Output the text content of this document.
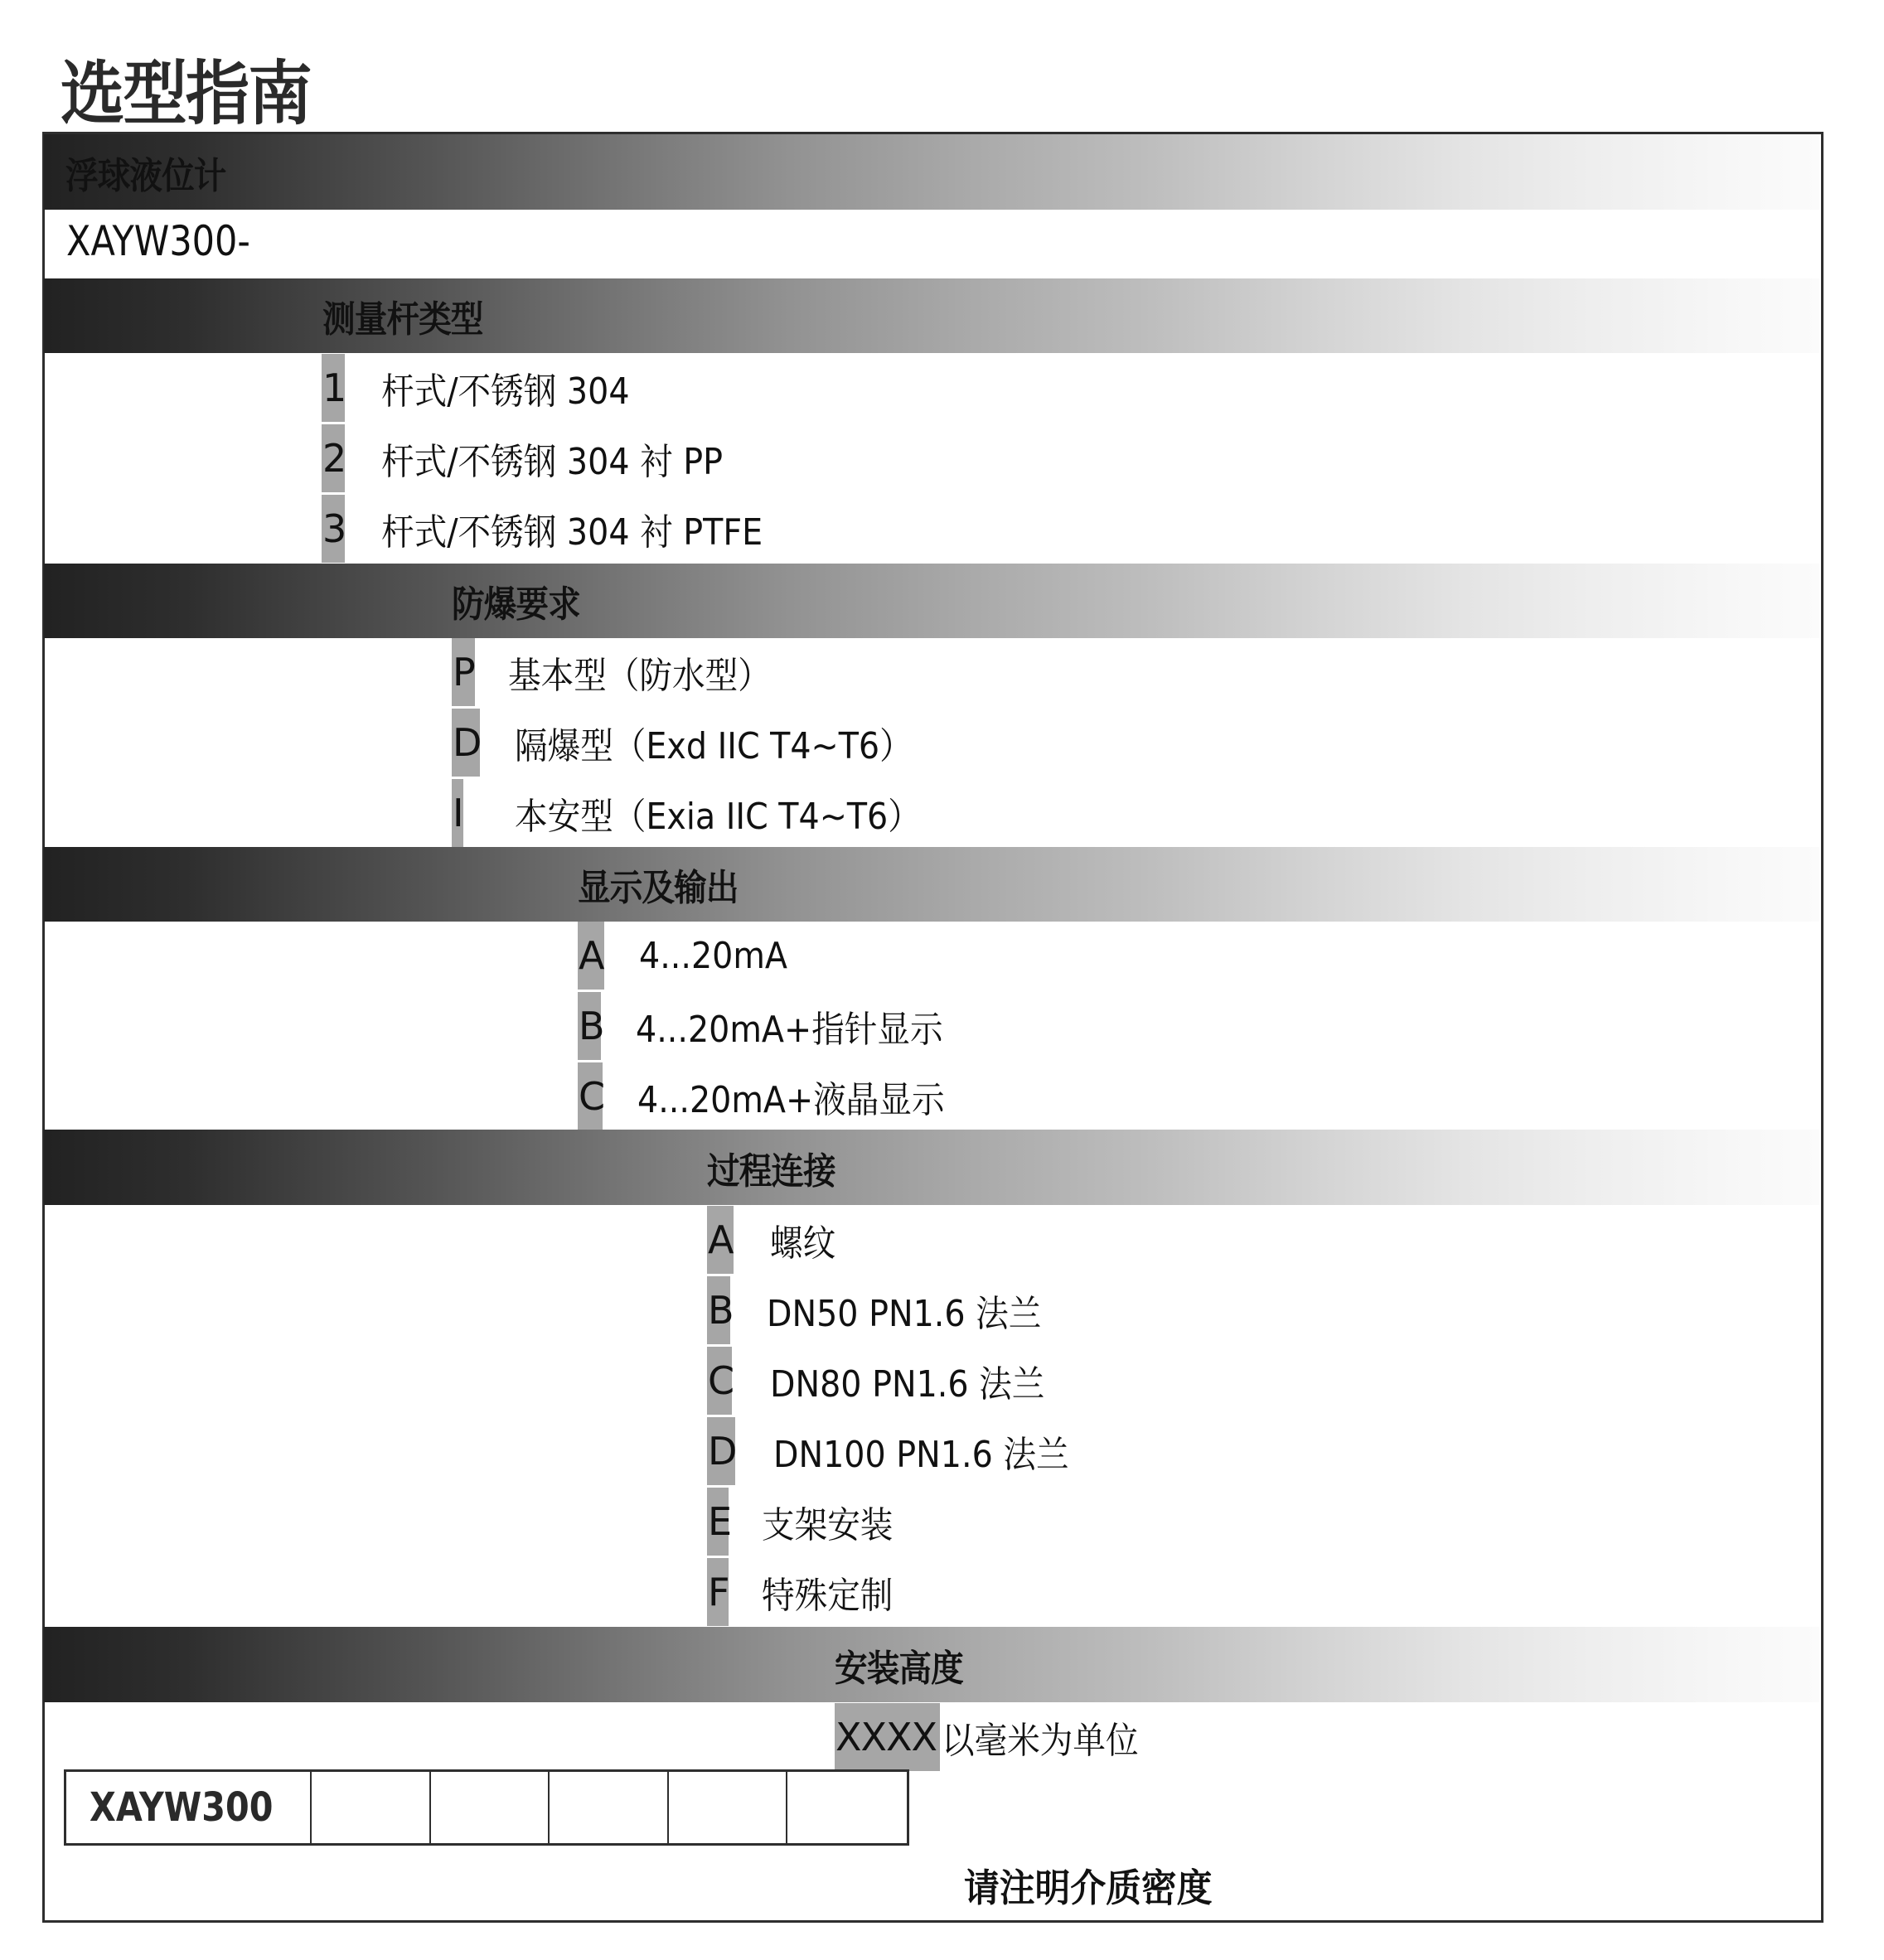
选型指南
浮球液位计
XAYW300-
测量杆类型
1 杆式/不锈钢 304
2 杆式/不锈钢 304 衬 PP
3 杆式/不锈钢 304 衬 PTFE
防爆要求
P 基本型（防水型）
D 隔爆型（Exd IIC T4~T6）
I 本安型（Exia IIC T4~T6）
显示及输出
A 4...20mA
B 4...20mA+指针显示
C 4...20mA+液晶显示
过程连接
A 螺纹
B DN50 PN1.6 法兰
C DN80 PN1.6 法兰
D DN100 PN1.6 法兰
E 支架安装
F 特殊定制
安装高度
XXXX 以毫米为单位
XAYW300
请注明介质密度
